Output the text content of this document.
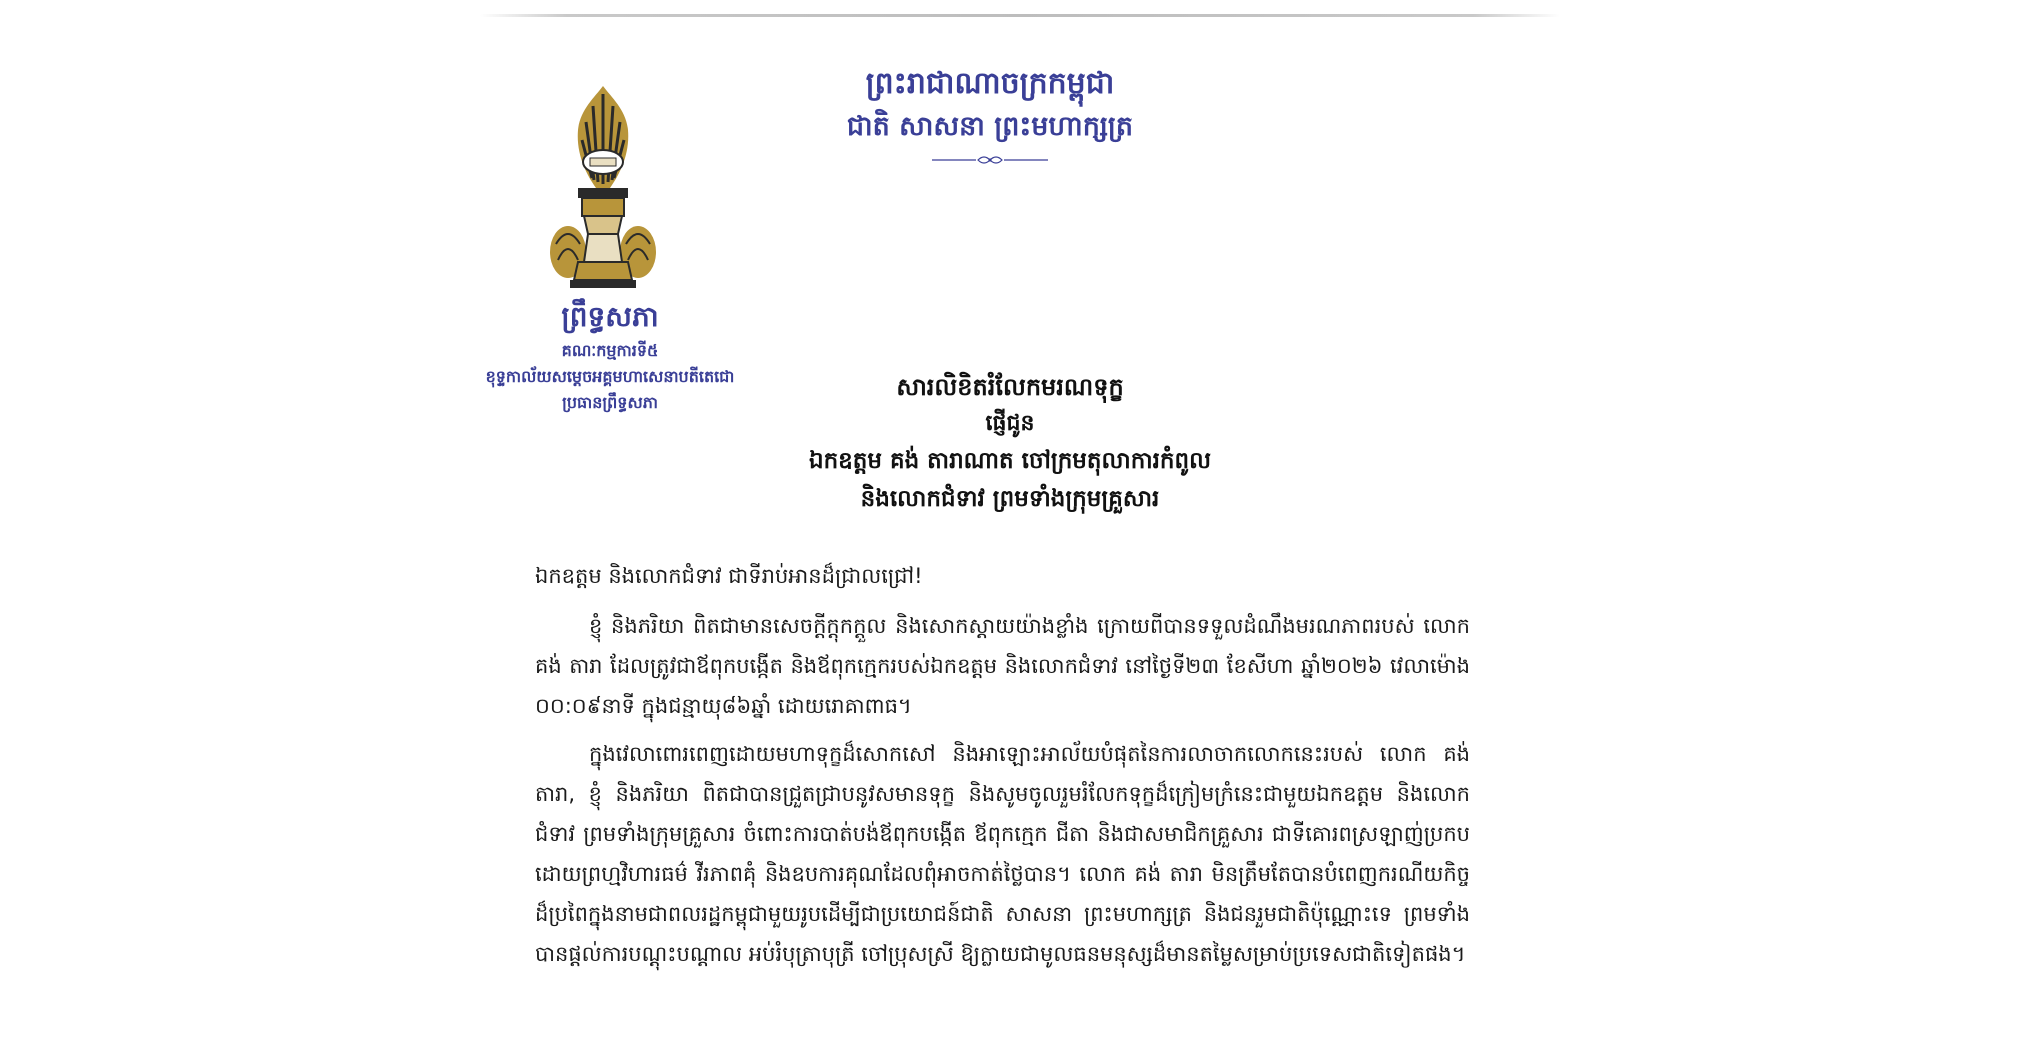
ព្រះរាជាណាចក្រកម្ពុជា
ជាតិ សាសនា ព្រះមហាក្សត្រ
ព្រឹទ្ធសភា
គណៈកម្មការទី៥
ខុទ្ទកាល័យសម្តេចអគ្គមហាសេនាបតីតេជោ
ប្រធានព្រឹទ្ធសភា
សារលិខិតរំលែកមរណទុក្ខ
ផ្ញើជូន
ឯកឧត្តម គង់ តារាណាត ចៅក្រមតុលាការកំពូល
និងលោកជំទាវ ព្រមទាំងក្រុមគ្រួសារ

ឯកឧត្តម និងលោកជំទាវ ជាទីរាប់អានដ៏ជ្រាលជ្រៅ!

ខ្ញុំ និងភរិយា ពិតជាមានសេចក្តីក្តុកក្តួល និងសោកស្តាយយ៉ាងខ្លាំង ក្រោយពីបានទទួលដំណឹងមរណភាពរបស់ លោក គង់ តារា ដែលត្រូវជាឪពុកបង្កើត និងឪពុកក្មេករបស់ឯកឧត្តម និងលោកជំទាវ នៅថ្ងៃទី២៣ ខែសីហា ឆ្នាំ២០២៦ វេលាម៉ោង ០០:០៩នាទី ក្នុងជន្មាយុ៨៦ឆ្នាំ ដោយរោគាពាធ។

ក្នុងវេលាពោរពេញដោយមហាទុក្ខដ៏សោកសៅ និងអាឡោះអាល័យបំផុតនៃការលាចាកលោកនេះរបស់ លោក គង់ តារា, ខ្ញុំ និងភរិយា ពិតជាបានជ្រួតជ្រាបនូវសមានទុក្ខ និងសូមចូលរួមរំលែកទុក្ខដ៏ក្រៀមក្រំនេះជាមួយឯកឧត្តម និងលោកជំទាវ ព្រមទាំងក្រុមគ្រួសារ ចំពោះការបាត់បង់ឪពុកបង្កើត ឪពុកក្មេក ជីតា និងជាសមាជិកគ្រួសារ ជាទីគោរពស្រឡាញ់ប្រកបដោយព្រហ្មវិហារធម៌ វីរភាពគុំ និងឧបការគុណដែលពុំអាចកាត់ថ្លៃបាន។ លោក គង់ តារា មិនត្រឹមតែបានបំពេញករណីយកិច្ចដ៏ប្រពៃក្នុងនាមជាពលរដ្ឋកម្ពុជាមួយរូបដើម្បីជាប្រយោជន៍ជាតិ សាសនា ព្រះមហាក្សត្រ និងជនរួមជាតិប៉ុណ្ណោះទេ ព្រមទាំងបានផ្តល់ការបណ្តុះបណ្តាល អប់រំបុត្រាបុត្រី ចៅប្រុសស្រី ឱ្យក្លាយជាមូលធនមនុស្សដ៏មានតម្លៃសម្រាប់ប្រទេសជាតិទៀតផង។
